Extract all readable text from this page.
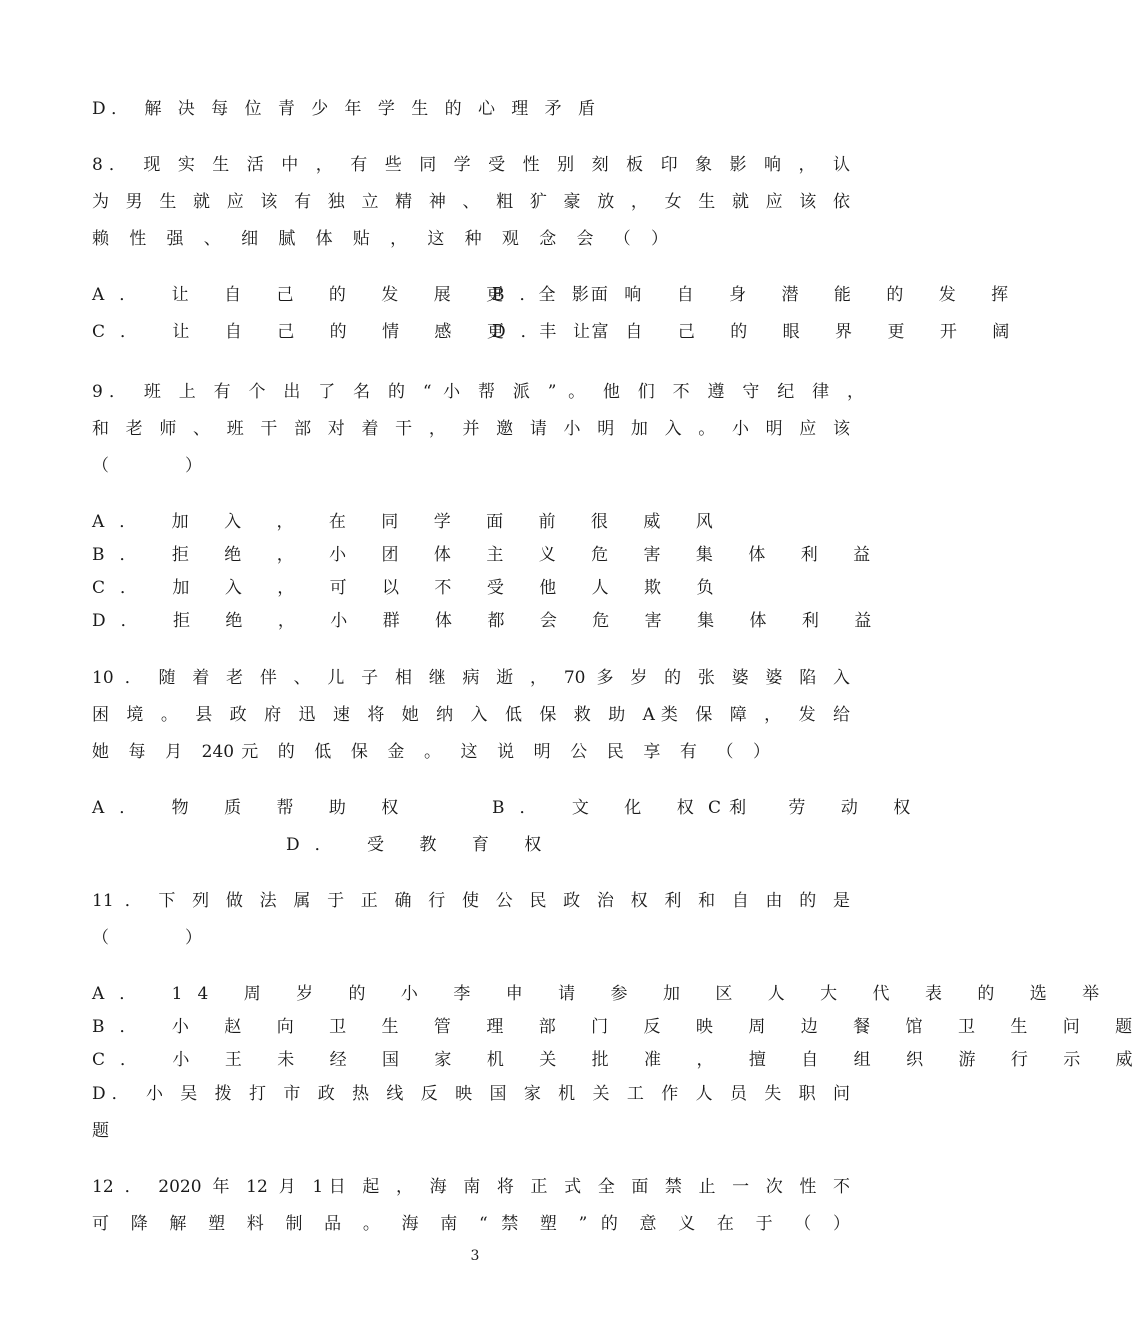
D． 解 决 每 位 青 少 年 学 生 的 心 理 矛 盾
8． 现 实 生 活 中 ， 有 些 同 学 受 性 别 刻 板 印 象 影 响 ， 认
为 男 生 就 应 该 有 独 立 精 神 、 粗 犷 豪 放 ， 女 生 就 应 该 依
赖 性 强 、 细 腻 体 贴 ， 这 种 观 念 会 （ ）
A． 让 自 己 的 发 展 更 全 面
B． 影 响 自 身 潜 能 的 发 挥
C． 让 自 己 的 情 感 更 丰 富
D． 让 自 己 的 眼 界 更 开 阔
9． 班 上 有 个 出 了 名 的 “ 小 帮 派 ” 。 他 们 不 遵 守 纪 律 ，
和 老 师 、 班 干 部 对 着 干 ， 并 邀 请 小 明 加 入 。 小 明 应 该
（ ）
A． 加 入 ， 在 同 学 面 前 很 威 风
B． 拒 绝 ， 小 团 体 主 义 危 害 集 体 利 益
C． 加 入 ， 可 以 不 受 他 人 欺 负
D． 拒 绝 ， 小 群 体 都 会 危 害 集 体 利 益
10 ． 随 着 老 伴 、 儿 子 相 继 病 逝 ， 70 多 岁 的 张 婆 婆 陷 入
困 境 。 县 政 府 迅 速 将 她 纳 入 低 保 救 助 A类 保 障 ， 发 给
她 每 月 240元 的 低 保 金 。 这 说 明 公 民 享 有 （ ）
A． 物 质 帮 助 权	B． 文 化 权 利
C． 劳 动 权
D． 受 教 育 权
11 ． 下 列 做 法 属 于 正 确 行 使 公 民 政 治 权 利 和 自 由 的 是
（ ）
A． 14 周 岁 的 小 李 申 请 参 加 区 人 大 代 表 的 选 举
B． 小 赵 向 卫 生 管 理 部 门 反 映 周 边 餐 馆 卫 生 问 题
C． 小 王 未 经 国 家 机 关 批 准 ， 擅 自 组 织 游 行 示 威
D． 小 吴 拨 打 市 政 热 线 反 映 国 家 机 关 工 作 人 员 失 职 问
题
12 ． 2020 年 12 月 1日 起 ， 海 南 将 正 式 全 面 禁 止 一 次 性 不
可 降 解 塑 料 制 品 。 海 南 “ 禁 塑 ” 的 意 义 在 于 （ ）
3
